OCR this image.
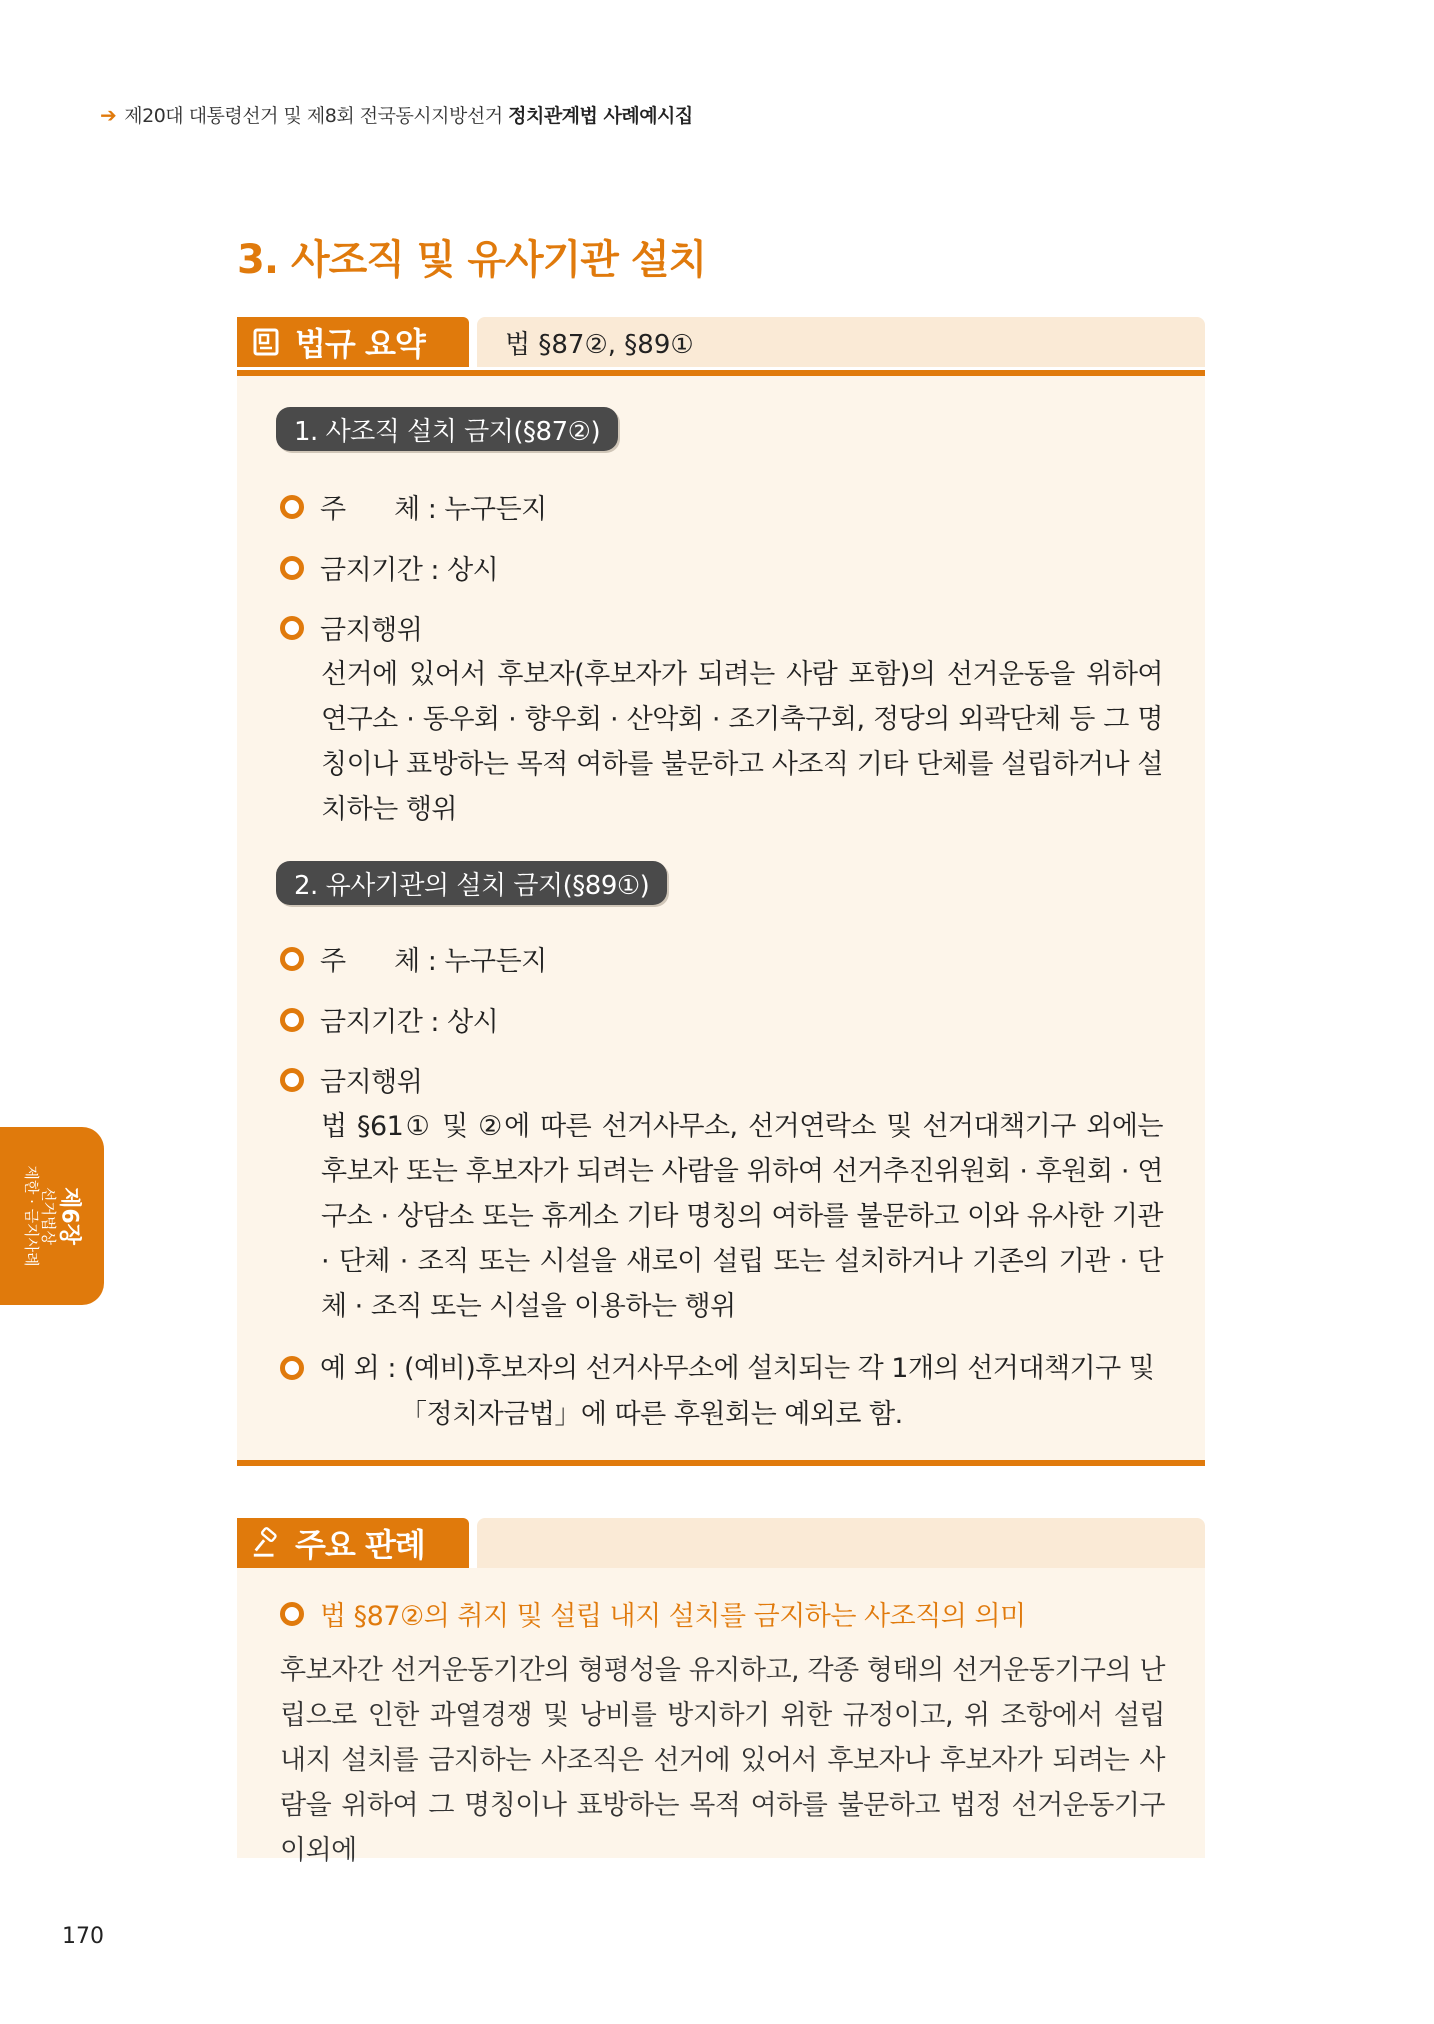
➔ 제20대 대통령선거 및 제8회 전국동시지방선거 정치관계법 사례예시집
3. 사조직 및 유사기관 설치
법규 요약	법 §87②, §89①
1. 사조직 설치 금지(§87②)
주      체 : 누구든지
금지기간 : 상시
금지행위
선거에 있어서 후보자(후보자가 되려는 사람 포함)의 선거운동을 위하여 연구소 · 동우회 · 향우회 · 산악회 · 조기축구회, 정당의 외곽단체 등 그 명칭이나 표방하는 목적 여하를 불문하고 사조직 기타 단체를 설립하거나 설치하는 행위
2. 유사기관의 설치 금지(§89①)
주      체 : 누구든지
금지기간 : 상시
금지행위
법 §61① 및 ②에 따른 선거사무소, 선거연락소 및 선거대책기구 외에는 후보자 또는 후보자가 되려는 사람을 위하여 선거추진위원회 · 후원회 · 연구소 · 상담소 또는 휴게소 기타 명칭의 여하를 불문하고 이와 유사한 기관 · 단체 · 조직 또는 시설을 새로이 설립 또는 설치하거나 기존의 기관 · 단체 · 조직 또는 시설을 이용하는 행위
예 외 : (예비)후보자의 선거사무소에 설치되는 각 1개의 선거대책기구 및
「정치자금법」에 따른 후원회는 예외로 함.
주요 판례
법 §87②의 취지 및 설립 내지 설치를 금지하는 사조직의 의미
후보자간 선거운동기간의 형평성을 유지하고, 각종 형태의 선거운동기구의 난립으로 인한 과열경쟁 및 낭비를 방지하기 위한 규정이고, 위 조항에서 설립 내지 설치를 금지하는 사조직은 선거에 있어서 후보자나 후보자가 되려는 사람을 위하여 그 명칭이나 표방하는 목적 여하를 불문하고 법정 선거운동기구 이외에
제6장
선거법상
제한 · 금지사례
170
